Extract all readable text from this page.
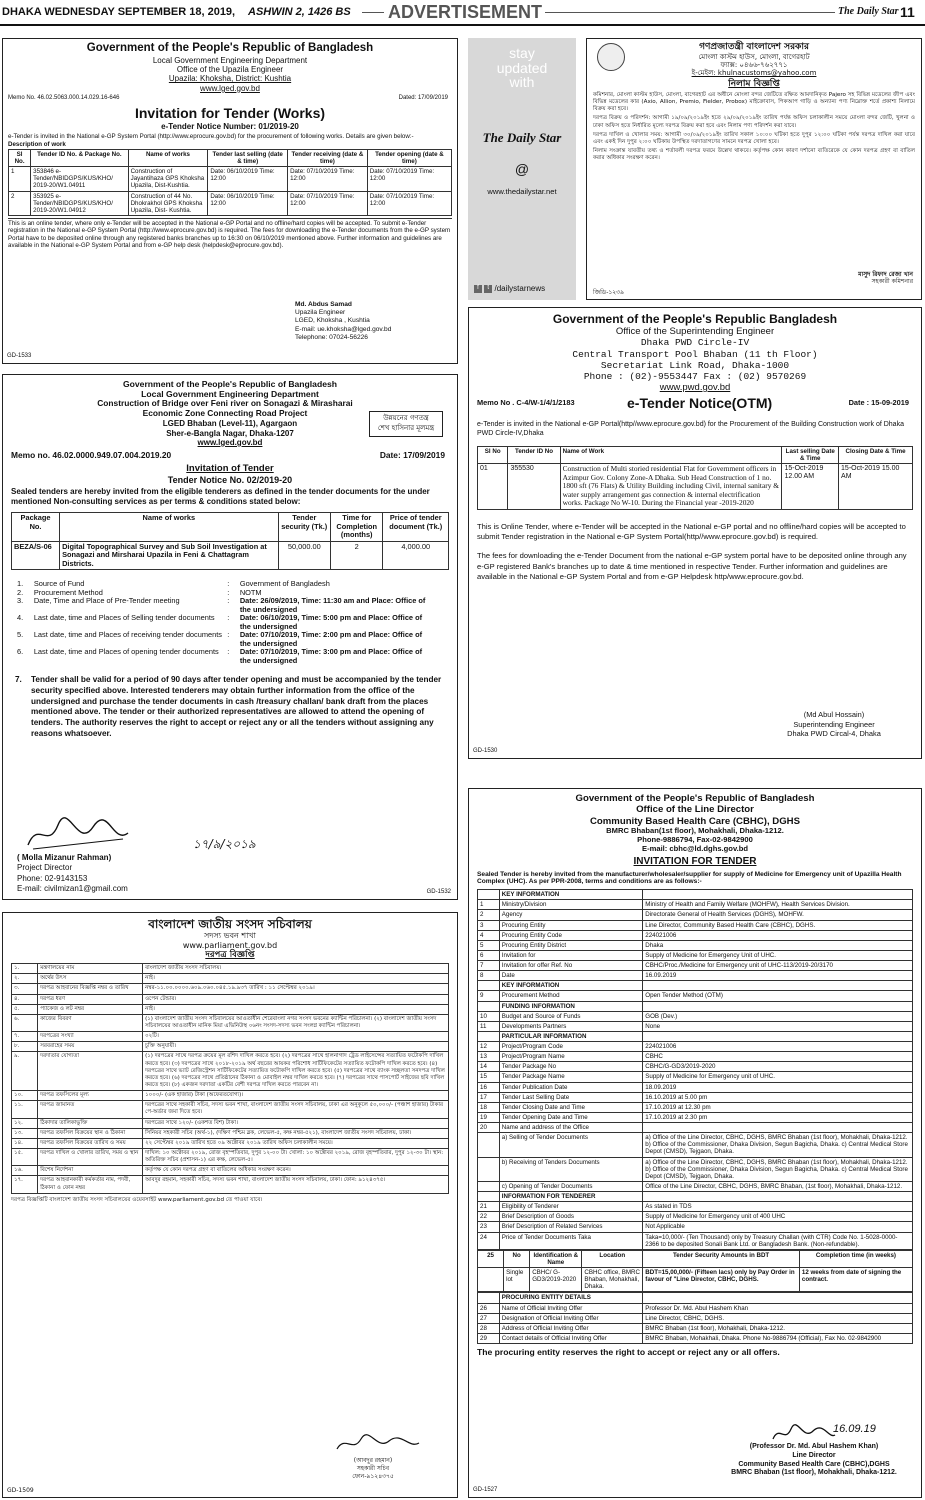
DHAKA WEDNESDAY SEPTEMBER 18, 2019, ASHWIN 2, 1426 BS ADVERTISEMENT	The Daily Star 11
Government of the People's Republic of Bangladesh
Local Government Engineering Department
Office of the Upazila Engineer
Upazila: Khoksha, District: Kushtia
www.lged.gov.bd
Memo No. 46.02.5063.000.14.029.16-646	Dated: 17/09/2019
Invitation for Tender (Works)
e-Tender Notice Number: 01/2019-20
e-Tender is invited in the National e-GP System Portal (http://www.eprocure.gov.bd) for the procurement of following works. Details are given below:-
Description of work
Sl No.	Tender ID No. & Package No.	Name of works	Tender last selling (date & time)	Tender receiving (date & time)	Tender opening (date & time)
1	353846 e-Tender/NBIDGPS/KUS/KHO/ 2019-20/W1.04911	Construction of Jayantihaza GPS Khoksha Upazila, Dist-Kushtia.	Date: 06/10/2019 Time: 12:00	Date: 07/10/2019 Time: 12:00	Date: 07/10/2019 Time: 12:00
2	353925 e-Tender/NBIDGPS/KUS/KHO/ 2019-20/W1.04912	Construction of 44 No. Dhokrakhol GPS Khoksha Upazila, Dist- Kushtia.	Date: 06/10/2019 Time: 12:00	Date: 07/10/2019 Time: 12:00	Date: 07/10/2019 Time: 12:00
This is an online tender, where only e-Tender will be accepted in the National e-GP Portal and no offline/hard copies will be accepted. To submit e-Tender registration in the National e-GP System Portal (http://www.eprocure.gov.bd) is required. The fees for downloading the e-Tender documents from the e-GP system Portal have to be deposited online through any registered banks branches up to 16:30 on 06/10/2019 mentioned above. Further information and guidelines are available in the National e-GP System Portal and from e-GP help desk (helpdesk@eprocure.gov.bd).
Md. Abdus Samad
Upazila Engineer
LGED, Khoksha , Kushtia
E-mail: ue.khoksha@lged.gov.bd
Telephone: 07024-56226
GD-1533
stay
updated
with
The Daily Star
@
www.thedailystar.net
f t /dailystarnews
গণপ্রজাতন্ত্রী বাংলাদেশ সরকার
মোংলা কাস্টম হাউস, মোংলা, বাগেরহাট
ফ্যাক্স: ০৪৬৬-৭৬২৭৭১
ই-মেইল: khulnacustoms@yahoo.com
নিলাম বিজ্ঞপ্তি
কমিশনার, মোংলা কাস্টম হাউস, মোংলা, বাগেরহাট এর অধীনে মোংলা বন্দর জেটিতে রক্ষিত আমদানিকৃত Pajero সহ বিভিন্ন মডেলের জীপ এবং বিভিন্ন মডেলের কার (Axio, Allion, Premio, Fielder, Probox) মাইক্রোবাস, পিকআপ গাড়ি ও অন্যান্য পণ্য নিম্নোক্ত শর্তে প্রকাশ্য নিলামে বিক্রয় করা হবে।
দরপত্র বিক্রয় ও পরিদর্শন: আগামী ১৯/০৯/২০১৯ইং হতে ২৯/০৯/২০১৯ইং তারিখ পর্যন্ত অফিস চলাকালীন সময়ে মোংলা বন্দর জেটি, খুলনা ও ঢাকা অফিস হতে নির্ধারিত মূল্যে দরপত্র বিক্রয় করা হবে এবং নিলাম পণ্য পরিদর্শন করা যাবে।
দরপত্র দাখিল ও খোলার সময়: আগামী ৩০/০৯/২০১৯ইং তারিখ সকাল ১০:০০ ঘটিকা হতে দুপুর ১২:০০ ঘটিকা পর্যন্ত দরপত্র দাখিল করা যাবে এবং একই দিন দুপুর ২:০০ ঘটিকায় উপস্থিত দরদাতাগণের সামনে দরপত্র খোলা হবে।
নিলাম সংক্রান্ত যাবতীয় তথ্য ও শর্তাবলী দরপত্র ফরমে উল্লেখ থাকবে। কর্তৃপক্ষ কোন কারণ দর্শানো ব্যতিরেকে যে কোন দরপত্র গ্রহণ বা বাতিল করার অধিকার সংরক্ষণ করেন।
মাসুদ রিফাদ রেজা খান
সহকারী কমিশনার
জিডি-১২৩৯
Government of the People's Republic Bangladesh
Office of the Superintending Engineer
Dhaka PWD Circle-IV
Central Transport Pool Bhaban (11 th Floor)
Secretariat Link Road, Dhaka-1000
Phone : (02)-9553447 Fax : (02) 9570269
www.pwd.gov.bd
Memo No . C-4/W-1/4/1/2183	e-Tender Notice(OTM)	Date : 15-09-2019
e-Tender is invited in the National e-GP Portal(http//www.eprocure.gov.bd) for the Procurement of the Building Construction work of Dhaka PWD Circle-IV,Dhaka
Sl No	Tender ID No	Name of Work	Last selling Date & Time	Closing Date & Time
01	355530	Construction of Multi storied residential Flat for Government officers in Azimpur Gov. Colony Zone-A Dhaka. Sub Head Construction of 1 no. 1800 sft (76 Flats) & Utility Building including Civil, internal sanitary & water supply arrangement gas connection & internal electrification works. Package No W-10. During the Financial year -2019-2020	15-Oct-2019 12.00 AM	15-Oct-2019 15.00 AM
This is Online Tender, where e-Tender will be accepted in the National e-GP portal and no offline/hard copies will be accepted to submit Tender registration in the National e-GP System Portal(http//www.eprocure.gov.bd) is required.
The fees for downloading the e-Tender Document from the national e-GP system portal have to be deposited online through any e-GP registered Bank's branches up to date & time mentioned in respective Tender. Further information and guidelines are available in the National e-GP System Portal and from e-GP Helpdesk http/www.eprocure.gov.bd.
(Md Abul Hossain)
Superintending Engineer
Dhaka PWD Circal-4, Dhaka
GD-1530
Government of the People's Republic of Bangladesh
Local Government Engineering Department
Construction of Bridge over Feni river on Sonagazi & Mirasharai Economic Zone Connecting Road Project
LGED Bhaban (Level-11), Agargaon
Sher-e-Bangla Nagar, Dhaka-1207
www.lged.gov.bd
উন্নয়নের গণতন্ত্র
শেখ হাসিনার মূলমন্ত্র
Memo no. 46.02.0000.949.07.004.2019.20	Date: 17/09/2019
Invitation of Tender
Tender Notice No. 02/2019-20
Sealed tenders are hereby invited from the eligible tenderers as defined in the tender documents for the under mentioned Non-consulting services as per terms & conditions stated below:
Package No.	Name of works	Tender security (Tk.)	Time for Completion (months)	Price of tender document (Tk.)
BEZA/S-06	Digital Topographical Survey and Sub Soil Investigation at Sonagazi and Mirsharai Upazila in Feni & Chattagram Districts.	50,000.00	2	4,000.00
1.	Source of Fund	:	Government of Bangladesh
2.	Procurement Method	:	NOTM
3.	Date, Time and Place of Pre-Tender meeting	:	Date: 26/09/2019, Time: 11:30 am and Place: Office of the undersigned
4.	Last date, time and Places of Selling tender documents	:	Date: 06/10/2019, Time: 5:00 pm and Place: Office of the undersigned
5.	Last date, time and Places of receiving tender documents	:	Date: 07/10/2019, Time: 2:00 pm and Place: Office of the undersigned
6.	Last date, time and Places of opening tender documents	:	Date: 07/10/2019, Time: 3:00 pm and Place: Office of the undersigned
7. Tender shall be valid for a period of 90 days after tender opening and must be accompanied by the tender security specified above. Interested tenderers may obtain further information from the office of the undersigned and purchase the tender documents in cash /treasury challan/ bank draft from the places mentioned above. The tender or their authorized representatives are allowed to attend the opening of tenders. The authority reserves the right to accept or reject any or all the tenders without assigning any reasons whatsoever.
১৭/৯/২০১৯
( Molla Mizanur Rahman)
Project Director
Phone: 02-9143153
E-mail: civilmizan1@gmail.com	GD-1532
Government of the People's Republic of Bangladesh
Office of the Line Director
Community Based Health Care (CBHC), DGHS
BMRC Bhaban(1st floor), Mohakhali, Dhaka-1212.
Phone-9886794, Fax-02-9842900
E-mail: cbhc@ld.dghs.gov.bd
INVITATION FOR TENDER
Sealed Tender is hereby invited from the manufacturer/wholesaler/supplier for supply of Medicine for Emergency unit of Upazilla Health Complex (UHC). As per PPR-2008, terms and conditions are as follows:-
	KEY INFORMATION	
1	Ministry/Division	Ministry of Health and Family Welfare (MOHFW), Health Services Division.
2	Agency	Directorate General of Health Services (DGHS), MOHFW.
3	Procuring Entity	Line Director, Community Based Health Care (CBHC), DGHS.
4	Procuring Entity Code	224021006
5	Procuring Entity District	Dhaka
6	Invitation for	Supply of Medicine for Emergency Unit of UHC.
7	Invitation for offer Ref. No	CBHC/Proc./Medicine for Emergency unit of UHC-113/2019-20/3170
8	Date	16.09.2019
	KEY INFORMATION	
9	Procurement Method	Open Tender Method (OTM)
	FUNDING INFORMATION	
10	Budget and Source of Funds	GOB (Dev.)
11	Developments Partners	None
	PARTICULAR INFORMATION	
12	Project/Program Code	224021006
13	Project/Program Name	CBHC
14	Tender Package No	CBHC/G-GD3/2019-2020
15	Tender Package Name	Supply of Medicine for Emergency unit of UHC.
16	Tender Publication Date	18.09.2019
17	Tender Last Selling Date	16.10.2019 at 5.00 pm
18	Tender Closing Date and Time	17.10.2019 at 12.30 pm
19	Tender Opening Date and Time	17.10.2019 at 2.30 pm
20	Name and address of the Office	
	a) Selling of Tender Documents	a) Office of the Line Director, CBHC, DGHS, BMRC Bhaban (1st floor), Mohakhali, Dhaka-1212. b) Office of the Commissioner, Dhaka Division, Segun Bagicha, Dhaka. c) Central Medical Store Depot (CMSD), Tejgaon, Dhaka.
	b) Receiving of Tenders Documents	a) Office of the Line Director, CBHC, DGHS, BMRC Bhaban (1st floor), Mohakhali, Dhaka-1212. b) Office of the Commissioner, Dhaka Division, Segun Bagicha, Dhaka. c) Central Medical Store Depot (CMSD), Tejgaon, Dhaka.
	c) Opening of Tender Documents	Office of the Line Director, CBHC, DGHS, BMRC Bhaban, (1st floor), Mohakhali, Dhaka-1212.
	INFORMATION FOR TENDERER	
21	Eligibility of Tenderer	As stated in TDS
22	Brief Description of Goods	Supply of Medicine for Emergency unit of 400 UHC
23	Brief Description of Related Services	Not Applicable
24	Price of Tender Documents Taka	Taka=10,000/- (Ten Thousand) only by Treasury Challan (with CTR) Code No. 1-5028-0000-2366 to be deposited Sonali Bank Ltd. or Bangladesh Bank. (Non-refundable).
25	No	Identification & Name	Location	Tender Security Amounts in BDT	Completion time (in weeks)
	Single lot	CBHC/ G-GD3/2019-2020	CBHC office, BMRC Bhaban, Mohakhali, Dhaka.	BDT=15,00,000/- (Fifteen lacs) only by Pay Order in favour of "Line Director, CBHC, DGHS.	12 weeks from date of signing the contract.
	PROCURING ENTITY DETAILS	
26	Name of Official Inviting Offer	Professor Dr. Md. Abul Hashem Khan
27	Designation of Official Inviting Offer	Line Director, CBHC, DGHS.
28	Address of Official Inviting Offer	BMRC Bhaban (1st floor), Mohakhali, Dhaka-1212.
29	Contact details of Official Inviting Offer	BMRC Bhaban, Mohakhali, Dhaka. Phone No-9886794 (Official), Fax No. 02-9842900
The procuring entity reserves the right to accept or reject any or all offers.
16.09.19
(Professor Dr. Md. Abul Hashem Khan)
Line Director
Community Based Health Care (CBHC),DGHS
BMRC Bhaban (1st floor), Mohakhali, Dhaka-1212.
GD-1527
বাংলাদেশ জাতীয় সংসদ সচিবালয়
সদস্য ভবন শাখা
www.parliament.gov.bd
দরপত্র বিজ্ঞপ্তি
১.	মন্ত্রণালয়ের নাম	বাংলাদেশ জাতীয় সংসদ সচিবালয়।
২.	অর্থের উৎস	নাই।
৩.	দরপত্র আহবানের বিজ্ঞপ্তি নম্বর ও তারিখ	নম্বর-১১.০০.০০০০.৬০৯.০৬০.০৪৫.১৯.৯৩৭ তারিখ : ১১ সেপ্টেম্বর ২০১৯।
৪.	দরপত্র ধরণ	ওপেন টেন্ডার।
৫.	প্যাকেজ ও লট নম্বর	নাই।
৬.	কাজের বিবরণ	(১) বাংলাদেশ জাতীয় সংসদ সচিবালয়ের আওতাধীন শেরেবাংলা নগর সংসদ ভবনের ক্যান্টিন পরিচালনা। (২) বাংলাদেশ জাতীয় সংসদ সচিবালয়ের আওতাধীন মানিক মিয়া এভিনিউস্থ ০৬নং সংসদ-সদস্য ভবন সংলগ্ন ক্যান্টিন পরিচালনা।
৭.	দরপত্রের সংখ্যা	০২টি।
৮.	সরবরাহের সময়	চুক্তি অনুযায়ী।
৯.	দরদাতার যোগ্যতা	(১) দরপত্রের সাথে দরপত্র ক্রয়ের মূল রশিদ দাখিল করতে হবে। (২) দরপত্রের সাথে হালনাগাদ ট্রেড লাইসেন্সের সত্যায়িত ফটোকপি দাখিল করতে হবে। (৩) দরপত্রের সাথে ২০১৮-২০১৯ অর্থ বছরের আয়কর পরিশোধ সার্টিফিকেটের সত্যায়িত ফটোকপি দাখিল করতে হবে। (৪) দরপত্রের সাথে ভ্যাট রেজিস্ট্রেশন সার্টিফিকেটের সত্যায়িত ফটোকপি দাখিল করতে হবে। (৫) দরপত্রের সাথে ব্যাংক সচ্ছলতা সনদপত্র দাখিল করতে হবে। (৬) দরপত্রের সাথে প্রতিষ্ঠানের ঠিকানা ও মোবাইল নম্বর দাখিল করতে হবে। (৭) দরপত্রের সাথে পাসপোর্ট সাইজের ছবি দাখিল করতে হবে। (৮) একজন দরদাতা একটির বেশী দরপত্র দাখিল করতে পারবেন না।
১০.	দরপত্র তফসিলের মূল্য	১০০০/- (এক হাজার) টাকা (অফেরতযোগ্য)।
১১.	দরপত্র জামানত	দরপত্রের সাথে সহকারী সচিব, সদস্য ভবন শাখা, বাংলাদেশ জাতীয় সংসদ সচিবালয়, ঢাকা এর অনুকূলে ৫০,০০০/- (পঞ্চাশ হাজার) টাকার পে-অর্ডার জমা দিতে হবে।
১২.	ঠিকাদার তালিকাভুক্তি	দরপত্রের সাথে ১২০/- (একশত বিশ) টাকা।
১৩.	দরপত্র তফসিল বিক্রয়ের স্থান ও ঠিকানা	সিনিয়র সহকারী সচিব (অর্থ-১), (দক্ষিণ পশ্চিম ব্লক, লেভেল-৫, কক্ষ নম্বর-৫২১), বাংলাদেশ জাতীয় সংসদ সচিবালয়, ঢাকা।
১৪.	দরপত্র তফসিল বিক্রয়ের তারিখ ও সময়	২২ সেপ্টেম্বর ২০১৯ তারিখ হতে ০৯ অক্টোবর ২০১৯ তারিখ অফিস চলাকালীন সময়ে।
১৫.	দরপত্র দাখিল ও খোলার তারিখ, সময় ও স্থান	দাখিল: ১০ অক্টোবর ২০১৯, রোজ বৃহস্পতিবার, দুপুর ১২-০০ টা। খোলা: ১০ অক্টোবর ২০১৯, রোজ বৃহস্পতিবার, দুপুর ১২-৩০ টা। স্থান: অতিরিক্ত সচিব (প্রশাসন-১) এর কক্ষ, লেভেল-৫।
১৬.	বিশেষ নির্দেশনা	কর্তৃপক্ষ যে কোন দরপত্র গ্রহণ বা বাতিলের অধিকার সংরক্ষণ করেন।
১৭.	দরপত্র আহবানকারী কর্মকর্তার নাম, পদবী, ঠিকানা ও ফোন নম্বর	আবদুর রহমান, সহকারী সচিব, সদস্য ভবন শাখা, বাংলাদেশ জাতীয় সংসদ সচিবালয়, ঢাকা। ফোন: ৯১২৪৩৭৫।
দরপত্র বিজ্ঞপ্তিটি বাংলাদেশ জাতীয় সংসদ সচিবালয়ের ওয়েবসাইট www.parliament.gov.bd তে পাওয়া যাবে।
(আবদুর রহমান)
সহকারী সচিব
ফোন-৯১২৪৩৭৫
GD-1509
